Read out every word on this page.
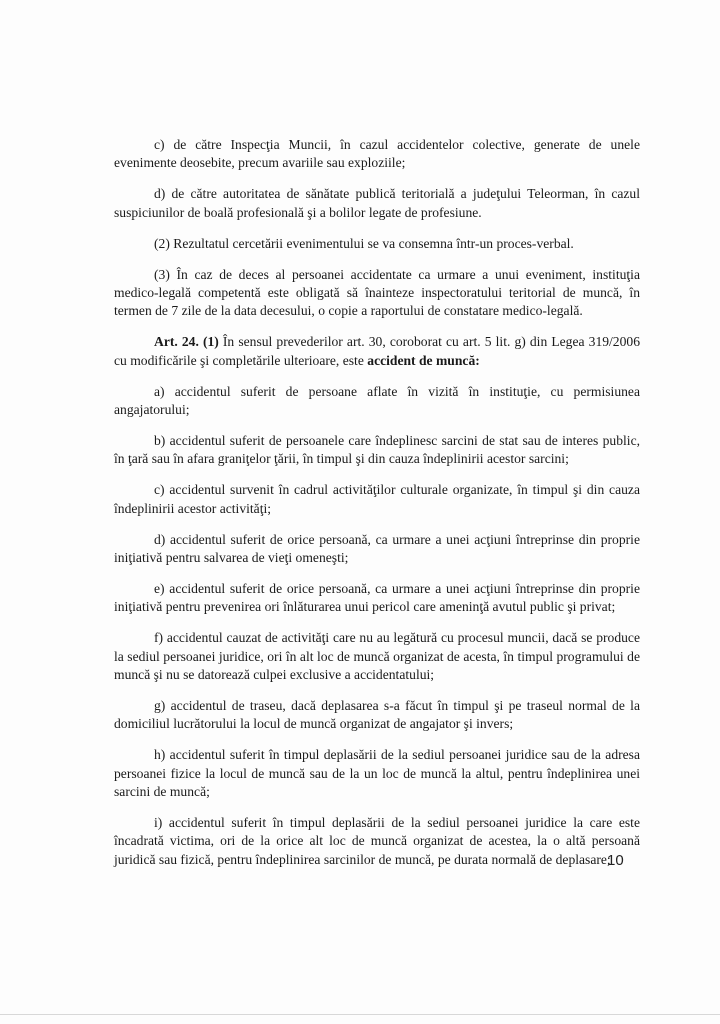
c) de către Inspecţia Muncii, în cazul accidentelor colective, generate de unele evenimente deosebite, precum avariile sau exploziile;

d) de către autoritatea de sănătate publică teritorială a judeţului Teleorman, în cazul suspiciunilor de boală profesională şi a bolilor legate de profesiune.

(2) Rezultatul cercetării evenimentului se va consemna într-un proces-verbal.

(3) În caz de deces al persoanei accidentate ca urmare a unui eveniment, instituţia medico-legală competentă este obligată să înainteze inspectoratului teritorial de muncă, în termen de 7 zile de la data decesului, o copie a raportului de constatare medico-legală.

Art. 24. (1) În sensul prevederilor art. 30, coroborat cu art. 5 lit. g) din Legea 319/2006 cu modificările şi completările ulterioare, este accident de muncă:

a) accidentul suferit de persoane aflate în vizită în instituţie, cu permisiunea angajatorului;

b) accidentul suferit de persoanele care îndeplinesc sarcini de stat sau de interes public, în ţară sau în afara graniţelor ţării, în timpul şi din cauza îndeplinirii acestor sarcini;

c) accidentul survenit în cadrul activităţilor culturale organizate, în timpul şi din cauza îndeplinirii acestor activităţi;

d) accidentul suferit de orice persoană, ca urmare a unei acţiuni întreprinse din proprie iniţiativă pentru salvarea de vieţi omeneşti;

e) accidentul suferit de orice persoană, ca urmare a unei acţiuni întreprinse din proprie iniţiativă pentru prevenirea ori înlăturarea unui pericol care ameninţă avutul public şi privat;

f) accidentul cauzat de activităţi care nu au legătură cu procesul muncii, dacă se produce la sediul persoanei juridice, ori în alt loc de muncă organizat de acesta, în timpul programului de muncă şi nu se datorează culpei exclusive a accidentatului;

g) accidentul de traseu, dacă deplasarea s-a făcut în timpul şi pe traseul normal de la domiciliul lucrătorului la locul de muncă organizat de angajator şi invers;

h) accidentul suferit în timpul deplasării de la sediul persoanei juridice sau de la adresa persoanei fizice la locul de muncă sau de la un loc de muncă la altul, pentru îndeplinirea unei sarcini de muncă;

i) accidentul suferit în timpul deplasării de la sediul persoanei juridice la care este încadrată victima, ori de la orice alt loc de muncă organizat de acestea, la o altă persoană juridică sau fizică, pentru îndeplinirea sarcinilor de muncă, pe durata normală de deplasare;

10
